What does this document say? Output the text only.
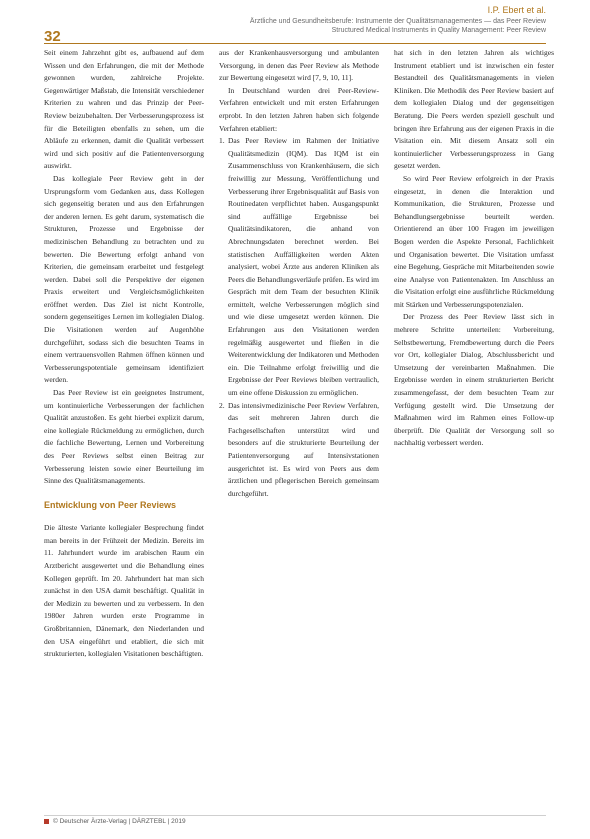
32
I.P. Ebert et al.
Ärztliche und Gesundheitsberufe: Instrumente der Qualitätsmanagementes — das Peer Review
Structured Medical Instruments in Quality Management: Peer Review

Seit einem Jahrzehnt gibt es, aufbauend auf dem Wissen und den Erfahrungen, die mit der Methode gewonnen wurden, zahlreiche Projekte. Gegenwärtiger Maßstab, die Intensität verschiedener Kriterien zu wahren und das Prinzip der Peer-Review beizubehalten. Der Verbesserungsprozess ist für die Beteiligten ebenfalls zu sehen, um die Abläufe zu erkennen, damit die Qualität verbessert wird und sich positiv auf die Patientenversorgung auswirkt.

Das kollegiale Peer Review geht in der Ursprungsform vom Gedanken aus, dass Kollegen sich gegenseitig beraten und aus den Erfahrungen der anderen lernen. Es geht darum, systematisch die Strukturen, Prozesse und Ergebnisse der medizinischen Behandlung zu betrachten und zu bewerten. Die Bewertung erfolgt anhand von Kriterien, die gemeinsam erarbeitet und festgelegt werden. Dabei soll die Perspektive der eigenen Praxis erweitert und Vergleichsmöglichkeiten eröffnet werden. Das Ziel ist nicht Kontrolle, sondern gegenseitiges Lernen im kollegialen Dialog. Die Visitationen werden auf Augenhöhe durchgeführt, sodass sich die besuchten Teams in einem vertrauensvollen Rahmen öffnen können und Verbesserungspotentiale gemeinsam identifiziert werden.

Das Peer Review ist ein geeignetes Instrument, um kontinuierliche Verbesserungen der fachlichen Qualität anzustoßen. Es geht hierbei explizit darum, eine kollegiale Rückmeldung zu ermöglichen, durch die fachliche Bewertung, Lernen und Vorbereitung des Peer Reviews selbst einen Beitrag zur Verbesserung leisten sowie einer Beurteilung im Sinne des Qualitätsmanagements.

Entwicklung von Peer Reviews

Die älteste Variante kollegialer Besprechung findet man bereits in der Frühzeit der Medizin. Bereits im 11. Jahrhundert wurde im arabischen Raum ein Arztbericht ausgewertet und die Behandlung eines Kollegen geprüft. Im 20. Jahrhundert hat man sich zunächst in den USA damit beschäftigt. Qualität in der Medizin zu bewerten und zu verbessern. In den 1980er Jahren wurden erste Programme in Großbritannien, Dänemark, den Niederlanden und den USA eingeführt und etabliert, die sich mit strukturierten, kollegialen Visitationen beschäftigten.

aus der Krankenhausversorgung und ambulanten Versorgung, in denen das Peer Review als Methode zur Bewertung eingesetzt wird [7, 9, 10, 11].

In Deutschland wurden drei Peer-Review-Verfahren entwickelt und mit ersten Erfahrungen erprobt. In den letzten Jahren haben sich folgende Verfahren etabliert:

1. Das Peer Review im Rahmen der Initiative Qualitätsmedizin (IQM). Das IQM ist ein Zusammenschluss von Krankenhäusern, die sich freiwillig zur Messung, Veröffentlichung und Verbesserung ihrer Ergebnisqualität auf Basis von Routinedaten verpflichtet haben. Ausgangspunkt sind auffällige Ergebnisse bei Qualitätsindikatoren, die anhand von Abrechnungsdaten berechnet werden. Bei statistischen Auffälligkeiten werden Akten analysiert, wobei Ärzte aus anderen Kliniken als Peers die Behandlungsverläufe prüfen. Es wird im Gespräch mit dem Team der besuchten Klinik ermittelt, welche Verbesserungen möglich sind und wie diese umgesetzt werden können. Die Erfahrungen aus den Visitationen werden regelmäßig ausgewertet und fließen in die Weiterentwicklung der Indikatoren und Methoden ein. Die Teilnahme erfolgt freiwillig und die Ergebnisse der Peer Reviews bleiben vertraulich, um eine offene Diskussion zu ermöglichen.
2. Das intensivmedizinische Peer Review Verfahren, das seit mehreren Jahren durch die Fachgesellschaften unterstützt wird und besonders auf die strukturierte Beurteilung der Patientenversorgung auf Intensivstationen ausgerichtet ist. Es wird von Peers aus dem ärztlichen und pflegerischen Bereich gemeinsam durchgeführt.

hat sich in den letzten Jahren als wichtiges Instrument etabliert und ist inzwischen ein fester Bestandteil des Qualitätsmanagements in vielen Kliniken. Die Methodik des Peer Review basiert auf dem kollegialen Dialog und der gegenseitigen Beratung. Die Peers werden speziell geschult und bringen ihre Erfahrung aus der eigenen Praxis in die Visitation ein. Mit diesem Ansatz soll ein kontinuierlicher Verbesserungsprozess in Gang gesetzt werden.

So wird Peer Review erfolgreich in der Praxis eingesetzt, in denen die Interaktion und Kommunikation, die Strukturen, Prozesse und Behandlungsergebnisse beurteilt werden. Orientierend an über 100 Fragen im jeweiligen Bogen werden die Aspekte Personal, Fachlichkeit und Organisation bewertet. Die Visitation umfasst eine Begehung, Gespräche mit Mitarbeitenden sowie eine Analyse von Patientenakten. Im Anschluss an die Visitation erfolgt eine ausführliche Rückmeldung mit Stärken und Verbesserungspotenzialen.

Der Prozess des Peer Review lässt sich in mehrere Schritte unterteilen: Vorbereitung, Selbstbewertung, Fremdbewertung durch die Peers vor Ort, kollegialer Dialog, Abschlussbericht und Umsetzung der vereinbarten Maßnahmen. Die Ergebnisse werden in einem strukturierten Bericht zusammengefasst, der dem besuchten Team zur Verfügung gestellt wird. Die Umsetzung der Maßnahmen wird im Rahmen eines Follow-up überprüft. Die Qualität der Versorgung soll so nachhaltig verbessert werden.

© Deutscher Ärzte-Verlag | DÄRZTEBL | 2019
